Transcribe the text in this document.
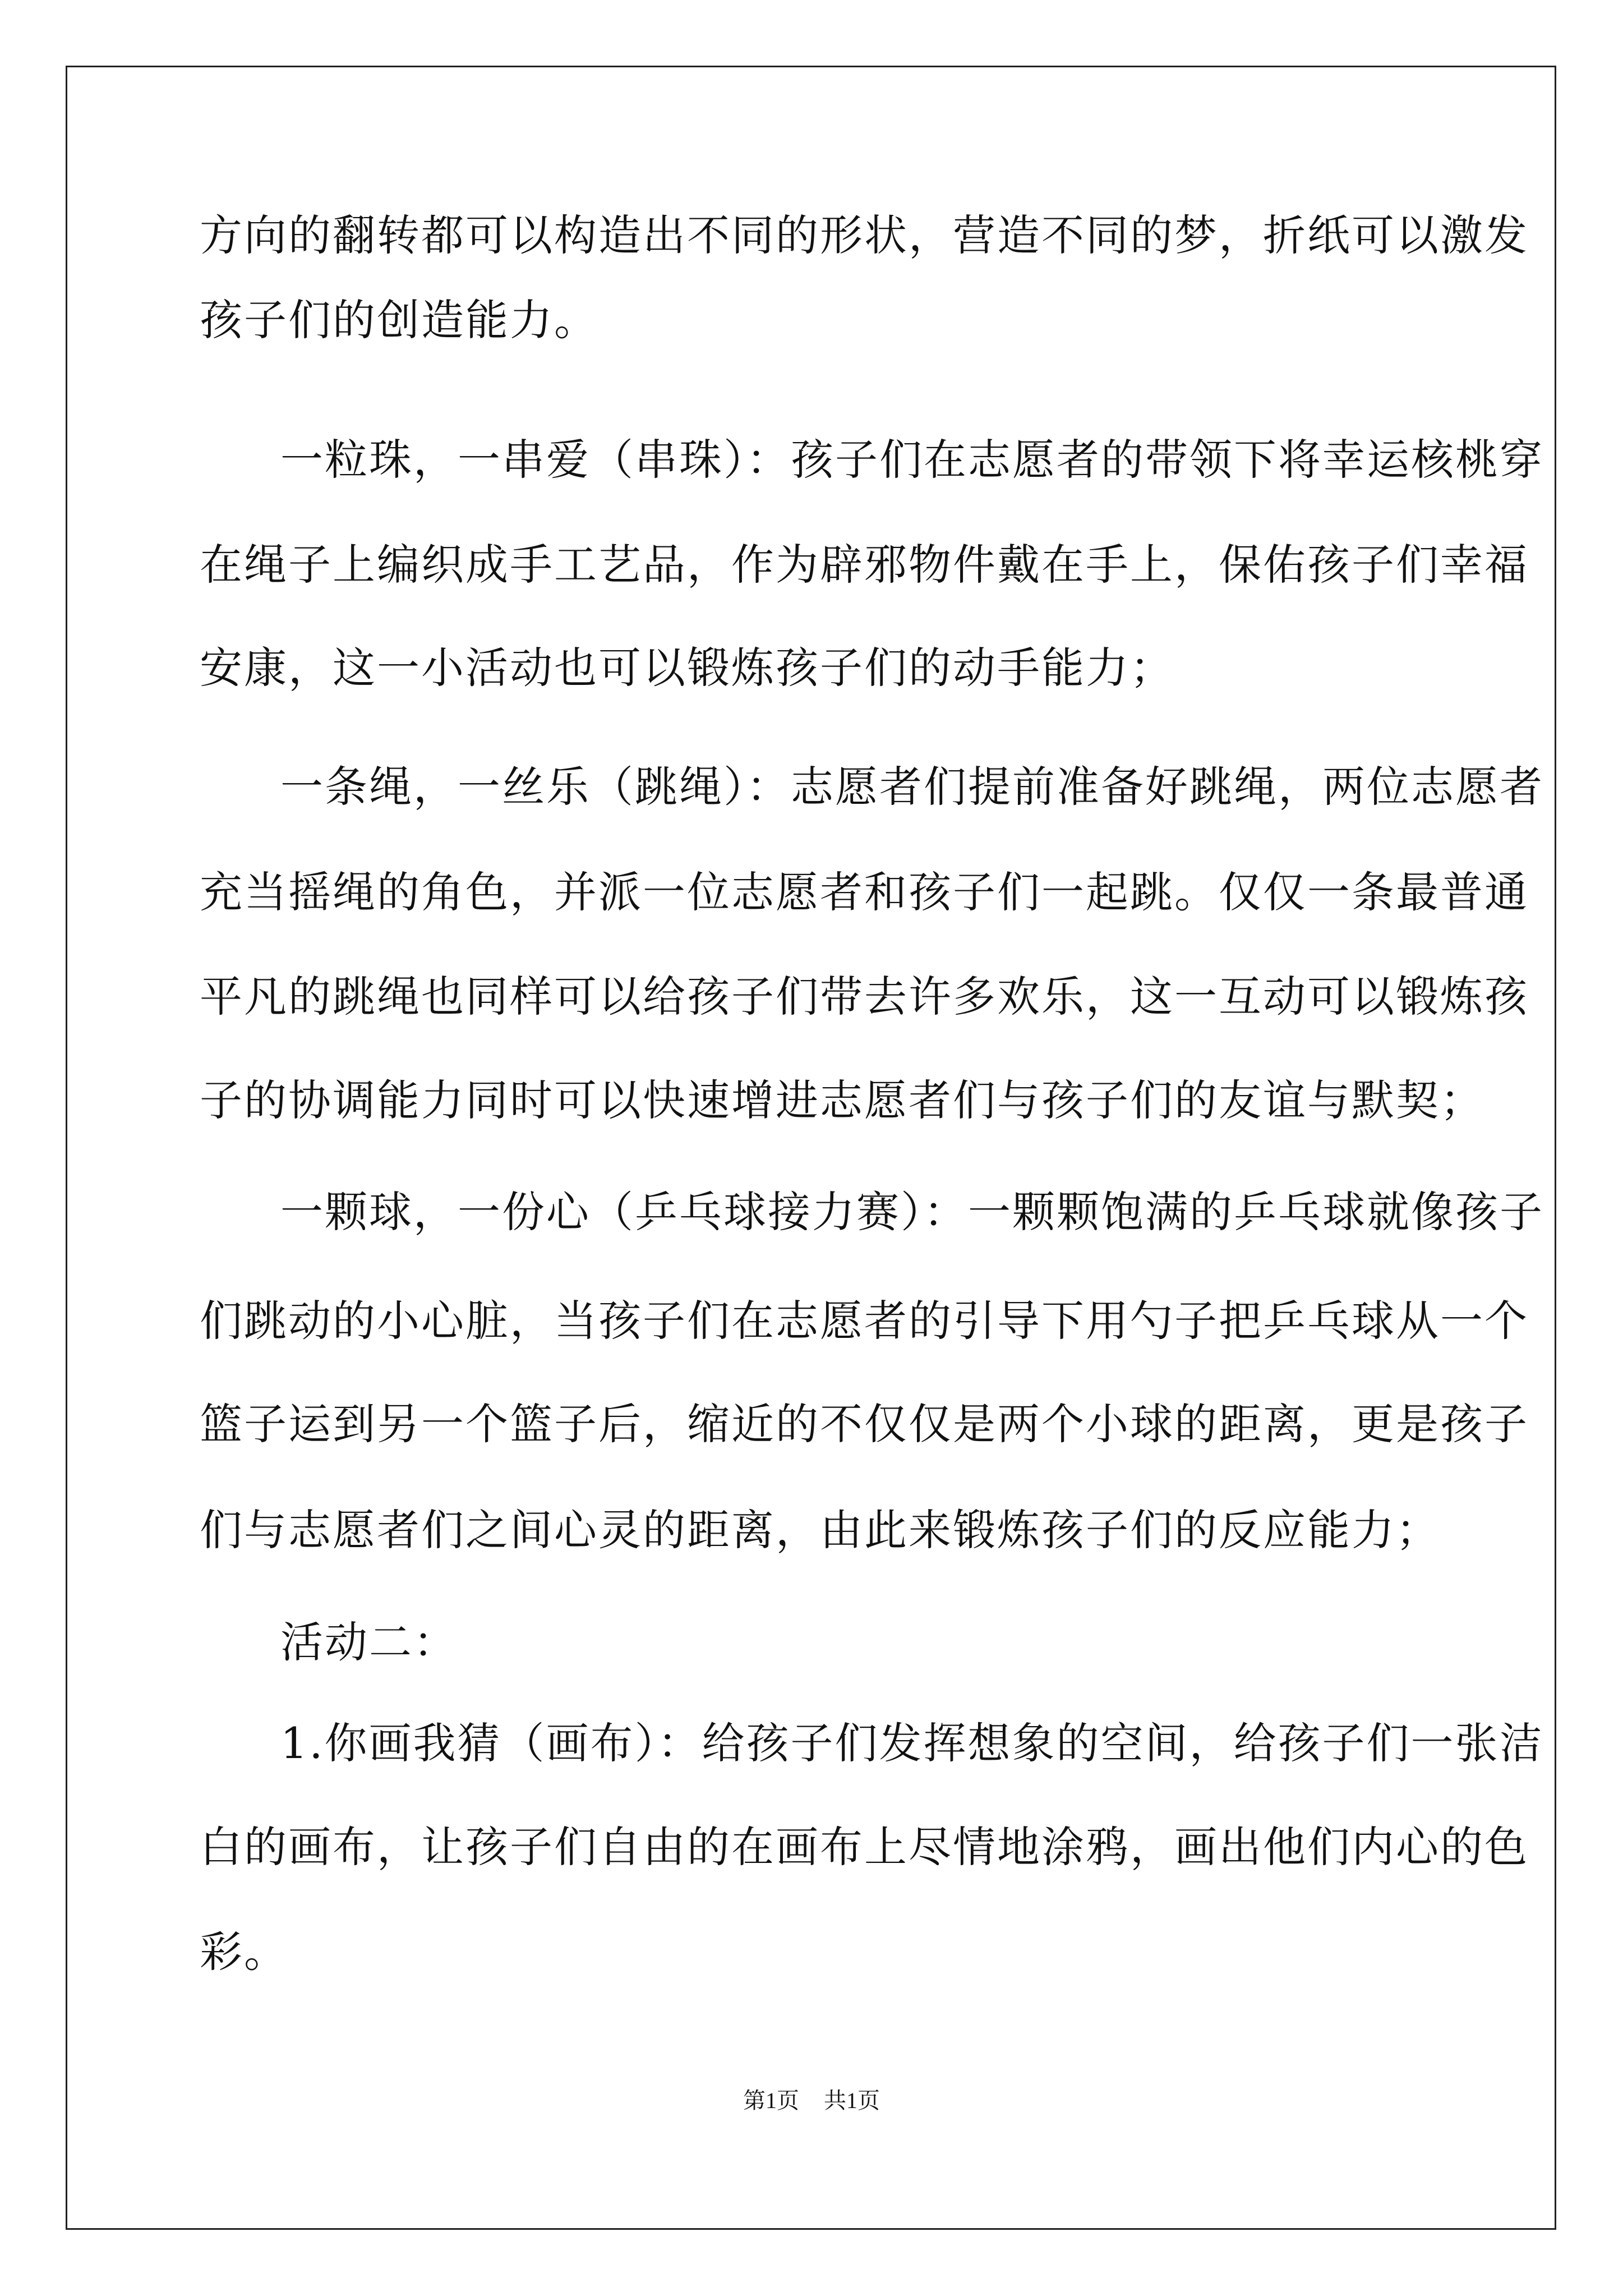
方向的翻转都可以构造出不同的形状，营造不同的梦，折纸可以激发
孩子们的创造能力。
一粒珠，一串爱（串珠）：孩子们在志愿者的带领下将幸运核桃穿
在绳子上编织成手工艺品，作为辟邪物件戴在手上，保佑孩子们幸福
安康，这一小活动也可以锻炼孩子们的动手能力；
一条绳，一丝乐（跳绳）：志愿者们提前准备好跳绳，两位志愿者
充当摇绳的角色，并派一位志愿者和孩子们一起跳。仅仅一条最普通
平凡的跳绳也同样可以给孩子们带去许多欢乐，这一互动可以锻炼孩
子的协调能力同时可以快速增进志愿者们与孩子们的友谊与默契；
一颗球，一份心（乒乓球接力赛）：一颗颗饱满的乒乓球就像孩子
们跳动的小心脏，当孩子们在志愿者的引导下用勺子把乒乓球从一个
篮子运到另一个篮子后，缩近的不仅仅是两个小球的距离，更是孩子
们与志愿者们之间心灵的距离，由此来锻炼孩子们的反应能力；
活动二：
1.你画我猜（画布）：给孩子们发挥想象的空间，给孩子们一张洁
白的画布，让孩子们自由的在画布上尽情地涂鸦，画出他们内心的色
彩。
第1页 共1页
